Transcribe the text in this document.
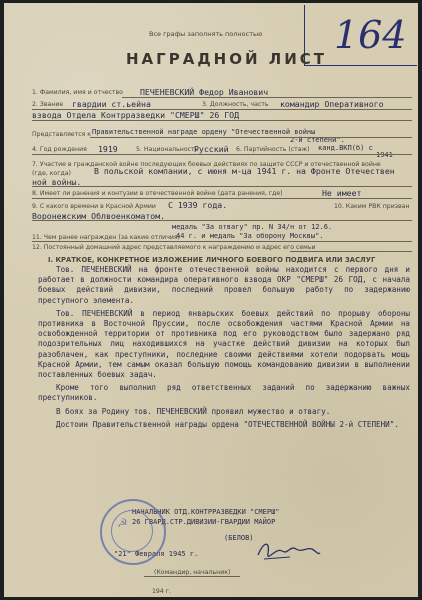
164
Все графы заполнять полностью
НАГРАДНОЙ ЛИСТ
1. Фамилия, имя и отчество ПЕЧЕНЕВСКИЙ Федор Иванович
2. Звание гвардии ст.ьейна	3. Должность, часть командир Оперативного
взвода Отдела Контрразведки "СМЕРШ" 26 ГОД
Представляется к Правительственной награде ордену "Отечественной войны
2-й степени".
4. Год рождения 1919	5. Национальность
Русский 6. Партийность (стаж) канд.ВКП(б) с
1941
7. Участие в гражданской войне последующих боевых действиях по защите СССР и отечественной войне
(где, когда)	В польской компании, с июня м-ца 1941 г. на Фронте Отечествен
ной войны.
8. Имеет ли ранения и контузии в отечественной войне (дата ранения, где)	Не имеет
9. С какого времени в Красной Армии С 1939 года.	10. Каким РВК призван
Воронежским Облвоенкоматом.
медаль "За отвагу" пр. N 34/н от 12.6.
11. Чем ранее награжден (за какие отличия)
44 г. и медаль "За оборону Москвы".
12. Постоянный домашний адрес представляемого к награждению и адрес его семьи
I. КРАТКОЕ, КОНКРЕТНОЕ ИЗЛОЖЕНИЕ ЛИЧНОГО БОЕВОГО ПОДВИГА ИЛИ ЗАСЛУГ

Тов. ПЕЧЕНЕВСКИЙ на фронте отечественной войны находится с первого дня и работает в должности командира оперативного взвода ОКР "СМЕРШ" 26 ГОД, с начала боевых действий дивизии, последний провел большую работу по задержанию преступного элемента.

Тов. ПЕЧЕНЕВСКИЙ в период январьских боевых действий по прорыву обороны противника в Восточной Пруссии, после освобождения частями Красной Армии на освобожденной территории от противника под его руководством было задержано ряд подозрительных лиц находившихся на участке действий дивизии на которых был разоблачен, как преступники, последние своими действиями хотели подорвать мощь Красной Армии, тем самым оказал большую помощь командованию дивизии в выполнении поставленных боевых задач.

Кроме того выполнил ряд ответственных заданий по задержанию важных преступников.

В боях за Родину тов. ПЕЧЕНЕВСКИЙ проявил мужество и отвагу.

Достоин Правительственной награды ордена "ОТЕЧЕСТВЕННОЙ ВОЙНЫ 2-й СТЕПЕНИ".

НАЧАЛЬНИК ОТД.КОНТРРАЗВЕДКИ "СМЕРШ"
26 ГВАРД.СТР.ДИВИЗИИ-ГВАРДИИ МАЙОР
(БЕЛОВ)
"21" Февраля 1945 г.
☭
(Командир, начальник)
194 г.
